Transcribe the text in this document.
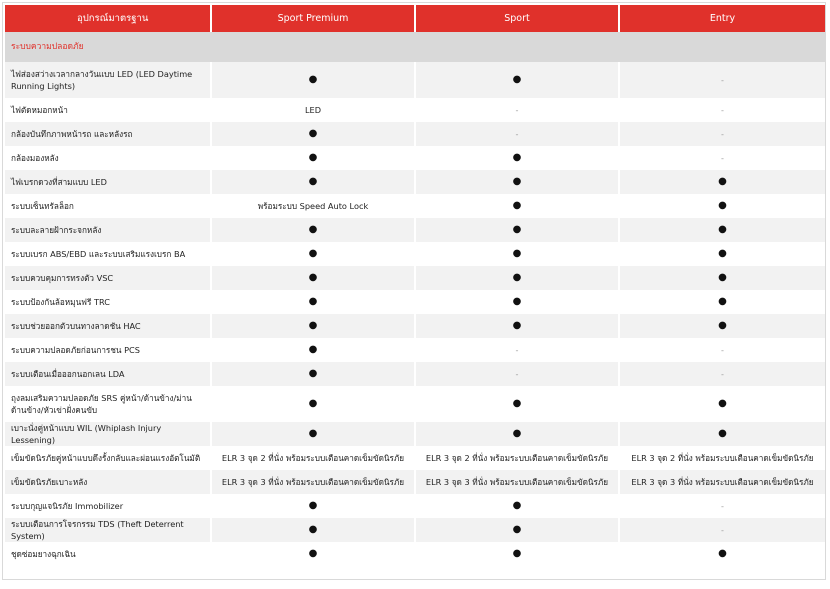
อุปกรณ์มาตรฐาน	Sport Premium	Sport	Entry
ระบบความปลอดภัย			
ไฟส่องสว่างเวลากลางวันแบบ LED (LED Daytime Running Lights)	●	●	-
ไฟตัดหมอกหน้า	LED	-	-
กล้องบันทึกภาพหน้ารถ และหลังรถ	●	-	-
กล้องมองหลัง	●	●	-
ไฟเบรกดวงที่สามแบบ LED	●	●	●
ระบบเซ็นทรัลล็อก	พร้อมระบบ Speed Auto Lock	●	●
ระบบละลายฝ้ากระจกหลัง	●	●	●
ระบบเบรก ABS/EBD และระบบเสริมแรงเบรก BA	●	●	●
ระบบควบคุมการทรงตัว VSC	●	●	●
ระบบป้องกันล้อหมุนฟรี TRC	●	●	●
ระบบช่วยออกตัวบนทางลาดชัน HAC	●	●	●
ระบบความปลอดภัยก่อนการชน PCS	●	-	-
ระบบเตือนเมื่อออกนอกเลน LDA	●	-	-
ถุงลมเสริมความปลอดภัย SRS คู่หน้า/ด้านข้าง/ม่านด้านข้าง/หัวเข่าฝั่งคนขับ	●	●	●
เบาะนั่งคู่หน้าแบบ WIL (Whiplash Injury Lessening)	●	●	●
เข็มขัดนิรภัยคู่หน้าแบบดึงรั้งกลับและผ่อนแรงอัตโนมัติ	ELR 3 จุด 2 ที่นั่ง พร้อมระบบเตือนคาดเข็มขัดนิรภัย	ELR 3 จุด 2 ที่นั่ง พร้อมระบบเตือนคาดเข็มขัดนิรภัย	ELR 3 จุด 2 ที่นั่ง พร้อมระบบเตือนคาดเข็มขัดนิรภัย
เข็มขัดนิรภัยเบาะหลัง	ELR 3 จุด 3 ที่นั่ง พร้อมระบบเตือนคาดเข็มขัดนิรภัย	ELR 3 จุด 3 ที่นั่ง พร้อมระบบเตือนคาดเข็มขัดนิรภัย	ELR 3 จุด 3 ที่นั่ง พร้อมระบบเตือนคาดเข็มขัดนิรภัย
ระบบกุญแจนิรภัย Immobilizer	●	●	-
ระบบเตือนการโจรกรรม TDS (Theft Deterrent System)	●	●	-
ชุดซ่อมยางฉุกเฉิน	●	●	●
